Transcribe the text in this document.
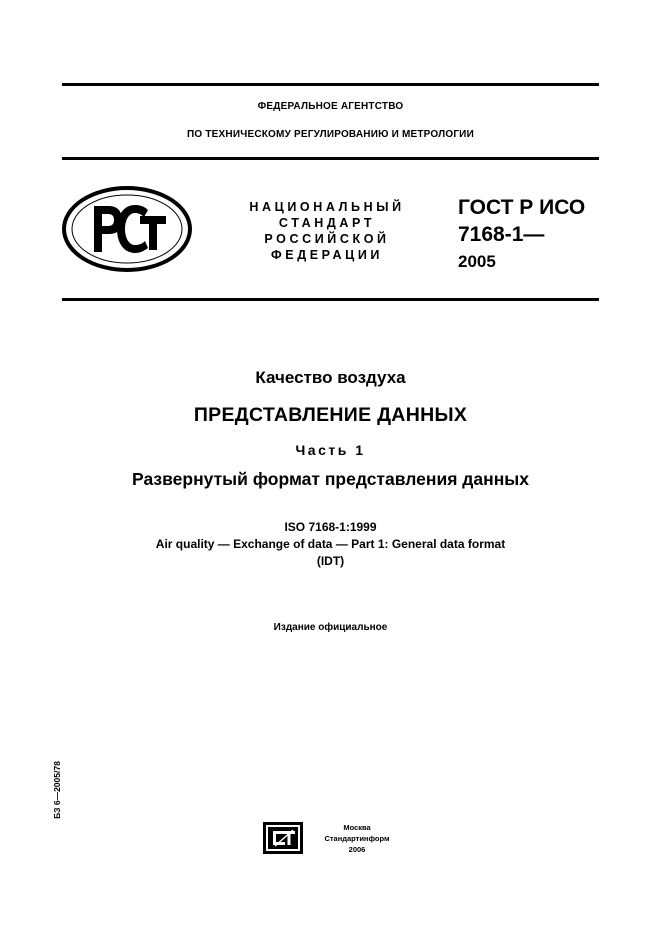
ФЕДЕРАЛЬНОЕ АГЕНТСТВО
ПО ТЕХНИЧЕСКОМУ РЕГУЛИРОВАНИЮ И МЕТРОЛОГИИ
НАЦИОНАЛЬНЫЙ
СТАНДАРТ
РОССИЙСКОЙ
ФЕДЕРАЦИИ
ГОСТ Р ИСО
7168-1—
2005
Качество воздуха
ПРЕДСТАВЛЕНИЕ ДАННЫХ
Часть 1
Развернутый формат представления данных
ISO 7168-1:1999
Air quality — Exchange of data — Part 1: General data format
(IDT)
Издание официальное
БЗ 6—2005/78
Москва
Стандартинформ
2006
